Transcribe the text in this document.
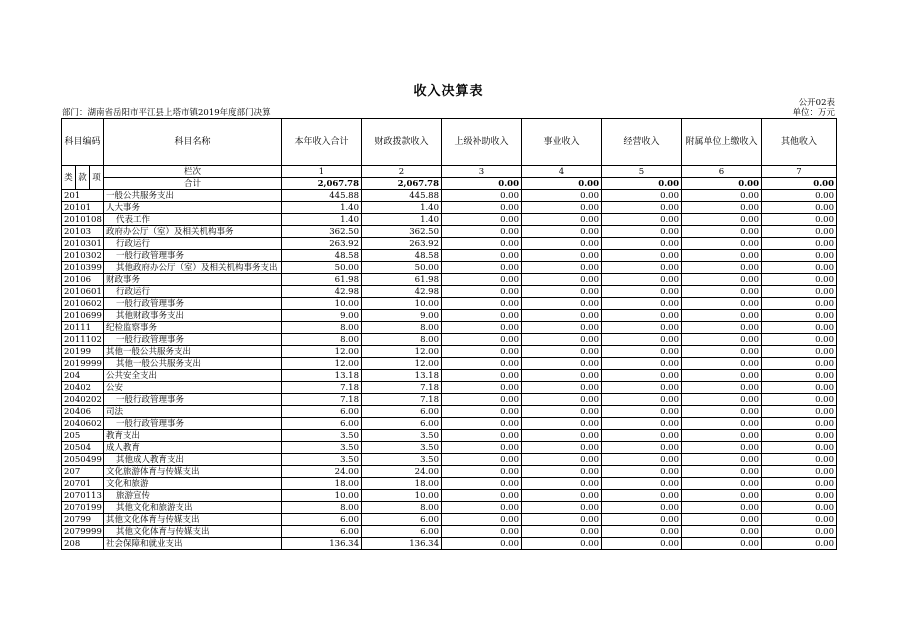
收入决算表
公开02表
单位：万元
部门：湖南省岳阳市平江县上塔市镇2019年度部门决算
科目编码			科目名称	本年收入合计	财政拨款收入	上级补助收入	事业收入	经营收入	附属单位上缴收入	其他收入
类	款	项	栏次	1	2	3	4	5	6	7
			合计	2,067.78	2,067.78	0.00	0.00	0.00	0.00	0.00
201			一般公共服务支出	445.88	445.88	0.00	0.00	0.00	0.00	0.00
20101			人大事务	1.40	1.40	0.00	0.00	0.00	0.00	0.00
2010108			代表工作	1.40	1.40	0.00	0.00	0.00	0.00	0.00
20103			政府办公厅（室）及相关机构事务	362.50	362.50	0.00	0.00	0.00	0.00	0.00
2010301			行政运行	263.92	263.92	0.00	0.00	0.00	0.00	0.00
2010302			一般行政管理事务	48.58	48.58	0.00	0.00	0.00	0.00	0.00
2010399			其他政府办公厅（室）及相关机构事务支出	50.00	50.00	0.00	0.00	0.00	0.00	0.00
20106			财政事务	61.98	61.98	0.00	0.00	0.00	0.00	0.00
2010601			行政运行	42.98	42.98	0.00	0.00	0.00	0.00	0.00
2010602			一般行政管理事务	10.00	10.00	0.00	0.00	0.00	0.00	0.00
2010699			其他财政事务支出	9.00	9.00	0.00	0.00	0.00	0.00	0.00
20111			纪检监察事务	8.00	8.00	0.00	0.00	0.00	0.00	0.00
2011102			一般行政管理事务	8.00	8.00	0.00	0.00	0.00	0.00	0.00
20199			其他一般公共服务支出	12.00	12.00	0.00	0.00	0.00	0.00	0.00
2019999			其他一般公共服务支出	12.00	12.00	0.00	0.00	0.00	0.00	0.00
204			公共安全支出	13.18	13.18	0.00	0.00	0.00	0.00	0.00
20402			公安	7.18	7.18	0.00	0.00	0.00	0.00	0.00
2040202			一般行政管理事务	7.18	7.18	0.00	0.00	0.00	0.00	0.00
20406			司法	6.00	6.00	0.00	0.00	0.00	0.00	0.00
2040602			一般行政管理事务	6.00	6.00	0.00	0.00	0.00	0.00	0.00
205			教育支出	3.50	3.50	0.00	0.00	0.00	0.00	0.00
20504			成人教育	3.50	3.50	0.00	0.00	0.00	0.00	0.00
2050499			其他成人教育支出	3.50	3.50	0.00	0.00	0.00	0.00	0.00
207			文化旅游体育与传媒支出	24.00	24.00	0.00	0.00	0.00	0.00	0.00
20701			文化和旅游	18.00	18.00	0.00	0.00	0.00	0.00	0.00
2070113			旅游宣传	10.00	10.00	0.00	0.00	0.00	0.00	0.00
2070199			其他文化和旅游支出	8.00	8.00	0.00	0.00	0.00	0.00	0.00
20799			其他文化体育与传媒支出	6.00	6.00	0.00	0.00	0.00	0.00	0.00
2079999			其他文化体育与传媒支出	6.00	6.00	0.00	0.00	0.00	0.00	0.00
208			社会保障和就业支出	136.34	136.34	0.00	0.00	0.00	0.00	0.00
